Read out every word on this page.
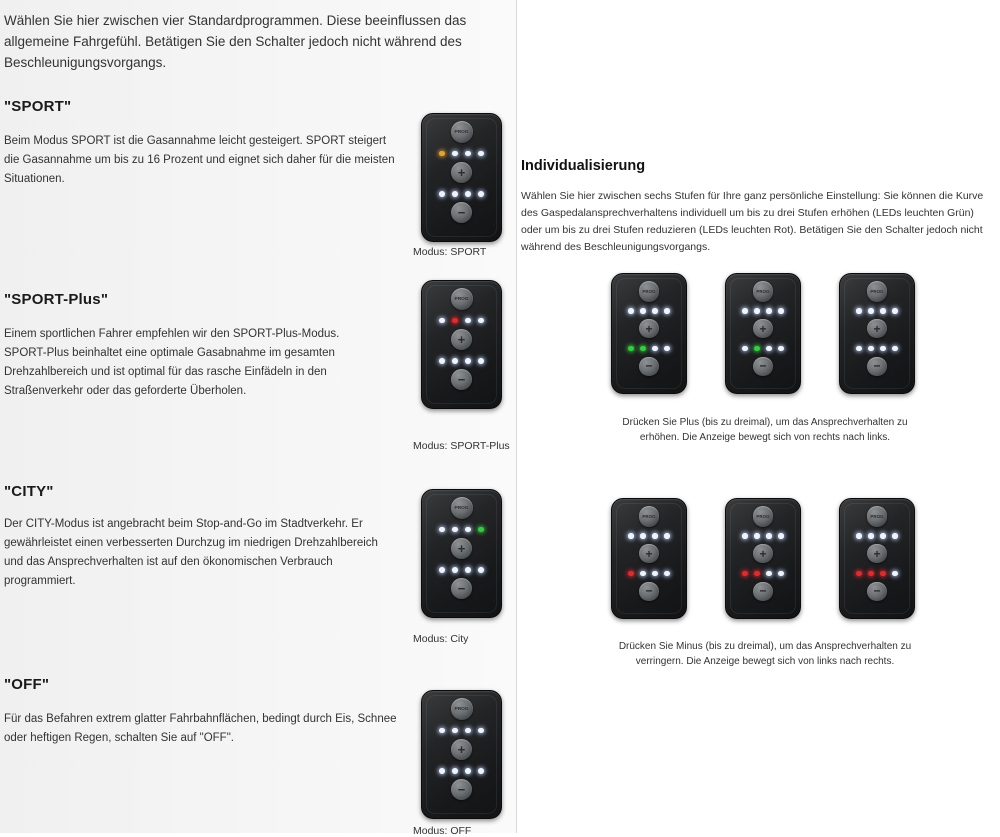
Wählen Sie hier zwischen vier Standardprogrammen. Diese beeinflussen das allgemeine Fahrgefühl. Betätigen Sie den Schalter jedoch nicht während des Beschleunigungsvorgangs.
"SPORT"
Beim Modus SPORT ist die Gasannahme leicht gesteigert. SPORT steigert die Gasannahme um bis zu 16 Prozent und eignet sich daher für die meisten Situationen.
Modus: SPORT
"SPORT-Plus"
Einem sportlichen Fahrer empfehlen wir den SPORT-Plus-Modus. SPORT-Plus beinhaltet eine optimale Gasabnahme im gesamten Drehzahlbereich und ist optimal für das rasche Einfädeln in den Straßenverkehr oder das geforderte Überholen.
Modus: SPORT-Plus
"CITY"
Der CITY-Modus ist angebracht beim Stop-and-Go im Stadtverkehr. Er gewährleistet einen verbesserten Durchzug im niedrigen Drehzahlbereich und das Ansprechverhalten ist auf den ökonomischen Verbrauch programmiert.
Modus: City
"OFF"
Für das Befahren extrem glatter Fahrbahnflächen, bedingt durch Eis, Schnee oder heftigen Regen, schalten Sie auf "OFF".
Modus: OFF
Individualisierung
Wählen Sie hier zwischen sechs Stufen für Ihre ganz persönliche Einstellung: Sie können die Kurve des Gaspedalansprechverhaltens individuell um bis zu drei Stufen erhöhen (LEDs leuchten Grün) oder um bis zu drei Stufen reduzieren (LEDs leuchten Rot). Betätigen Sie den Schalter jedoch nicht während des Beschleunigungsvorgangs.
Drücken Sie Plus (bis zu dreimal), um das Ansprechverhalten zu erhöhen. Die Anzeige bewegt sich von rechts nach links.
Drücken Sie Minus (bis zu dreimal), um das Ansprechverhalten zu verringern. Die Anzeige bewegt sich von links nach rechts.
PROG
+
−
PROG
+
−
PROG
+
−
PROG
+
−
PROG
+
−
PROG
+
−
PROG
+
−
PROG
+
−
PROG
+
−
PROG
+
−
